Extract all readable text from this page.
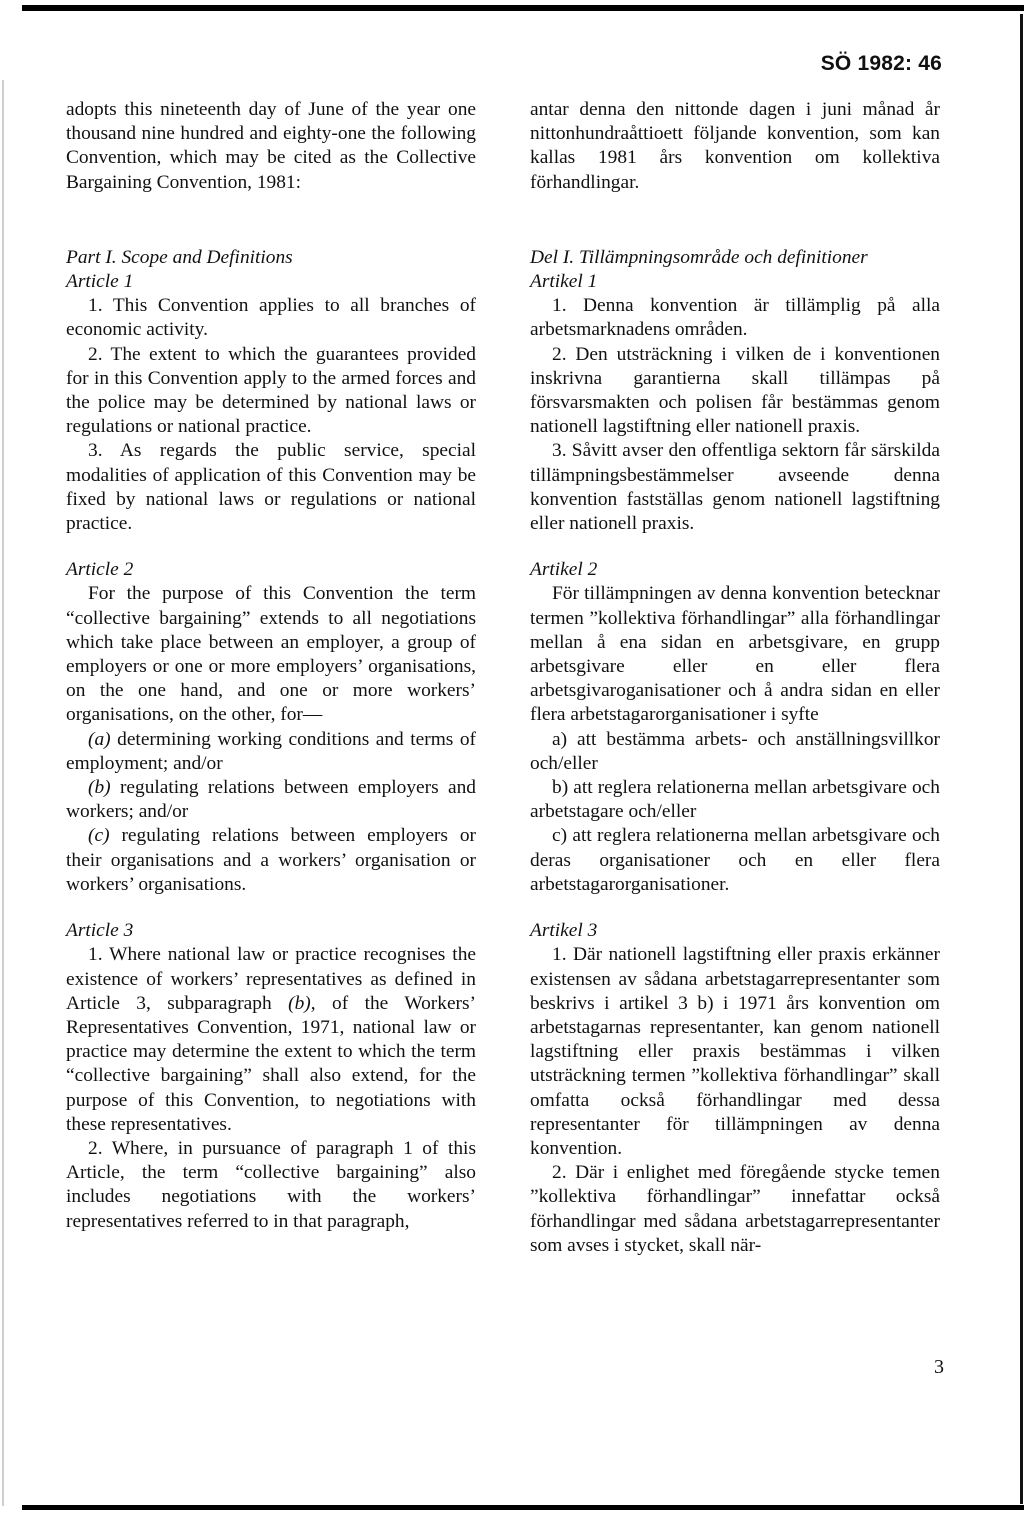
SÖ 1982: 46

adopts this nineteenth day of June of the year one thousand nine hundred and eighty-one the following Convention, which may be cited as the Collective Bargaining Convention, 1981:

Part I. Scope and Definitions

Article 1

1. This Convention applies to all branches of economic activity.

2. The extent to which the guarantees provided for in this Convention apply to the armed forces and the police may be determined by national laws or regulations or national practice.

3. As regards the public service, special modalities of application of this Convention may be fixed by national laws or regulations or national practice.

Article 2

For the purpose of this Convention the term “collective bargaining” extends to all negotiations which take place between an employer, a group of employers or one or more employers’ organisations, on the one hand, and one or more workers’ organisations, on the other, for—

(a) determining working conditions and terms of employment; and/or

(b) regulating relations between employers and workers; and/or

(c) regulating relations between employers or their organisations and a workers’ organisation or workers’ organisations.

Article 3

1. Where national law or practice recognises the existence of workers’ representatives as defined in Article 3, subparagraph (b), of the Workers’ Representatives Convention, 1971, national law or practice may determine the extent to which the term “collective bargaining” shall also extend, for the purpose of this Convention, to negotiations with these representatives.

2. Where, in pursuance of paragraph 1 of this Article, the term “collective bargaining” also includes negotiations with the workers’ representatives referred to in that paragraph,

antar denna den nittonde dagen i juni månad år nittonhundraåttioett följande konvention, som kan kallas 1981 års konvention om kollektiva förhandlingar.

Del I. Tillämpningsområde och definitioner

Artikel 1

1. Denna konvention är tillämplig på alla arbetsmarknadens områden.

2. Den utsträckning i vilken de i konventionen inskrivna garantierna skall tillämpas på försvarsmakten och polisen får bestämmas genom nationell lagstiftning eller nationell praxis.

3. Såvitt avser den offentliga sektorn får särskilda tillämpningsbestämmelser avseende denna konvention fastställas genom nationell lagstiftning eller nationell praxis.

Artikel 2

För tillämpningen av denna konvention betecknar termen ”kollektiva förhandlingar” alla förhandlingar mellan å ena sidan en arbetsgivare, en grupp arbetsgivare eller en eller flera arbetsgivaroganisationer och å andra sidan en eller flera arbetstagarorganisationer i syfte

a) att bestämma arbets- och anställningsvillkor och/eller

b) att reglera relationerna mellan arbetsgivare och arbetstagare och/eller

c) att reglera relationerna mellan arbetsgivare och deras organisationer och en eller flera arbetstagarorganisationer.

Artikel 3

1. Där nationell lagstiftning eller praxis erkänner existensen av sådana arbetstagarrepresentanter som beskrivs i artikel 3 b) i 1971 års konvention om arbetstagarnas representanter, kan genom nationell lagstiftning eller praxis bestämmas i vilken utsträckning termen ”kollektiva förhandlingar” skall omfatta också förhandlingar med dessa representanter för tillämpningen av denna konvention.

2. Där i enlighet med föregående stycke temen ”kollektiva förhandlingar” innefattar också förhandlingar med sådana arbetstagarrepresentanter som avses i stycket, skall när-

3
